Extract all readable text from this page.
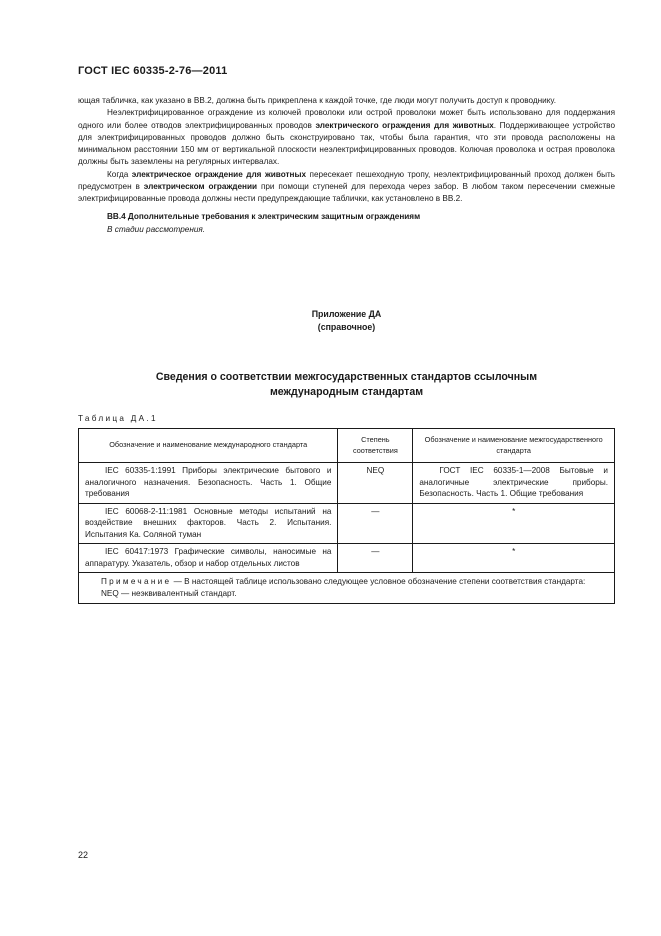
ГОСТ IEC 60335-2-76—2011

ющая табличка, как указано в ВВ.2, должна быть прикреплена к каждой точке, где люди могут получить доступ к проводнику.

Неэлектрифицированное ограждение из колючей проволоки или острой проволоки может быть использовано для поддержания одного или более отводов электрифицированных проводов электрического ограждения для животных. Поддерживающее устройство для электрифицированных проводов должно быть сконструировано так, чтобы была гарантия, что эти провода расположены на минимальном расстоянии 150 мм от вертикальной плоскости неэлектрифицированных проводов. Колючая проволока и острая проволока должны быть заземлены на регулярных интервалах.

Когда электрическое ограждение для животных пересекает пешеходную тропу, неэлектрифицированный проход должен быть предусмотрен в электрическом ограждении при помощи ступеней для перехода через забор. В любом таком пересечении смежные электрифицированные провода должны нести предупреждающие таблички, как установлено в ВВ.2.

ВВ.4 Дополнительные требования к электрическим защитным ограждениям

В стадии рассмотрения.

Приложение ДА
(справочное)
Сведения о соответствии межгосударственных стандартов ссылочным
международным стандартам
Таблица ДА.1
Обозначение и наименование международного стандарта	Степень соответствия	Обозначение и наименование межгосударственного стандарта
IEC 60335-1:1991 Приборы электрические бытового и аналогичного назначения. Безопасность. Часть 1. Общие требования	NEQ	ГОСТ IEC 60335-1—2008 Бытовые и аналогичные электрические приборы. Безопасность. Часть 1. Общие требования
IEC 60068-2-11:1981 Основные методы испытаний на воздействие внешних факторов. Часть 2. Испытания. Испытания Ка. Соляной туман	—	*
IEC 60417:1973 Графические символы, наносимые на аппаратуру. Указатель, обзор и набор отдельных листов	—	*

Примечание — В настоящей таблице использовано следующее условное обозначение степени соответствия стандарта:
NEQ — неэквивалентный стандарт.		
22
